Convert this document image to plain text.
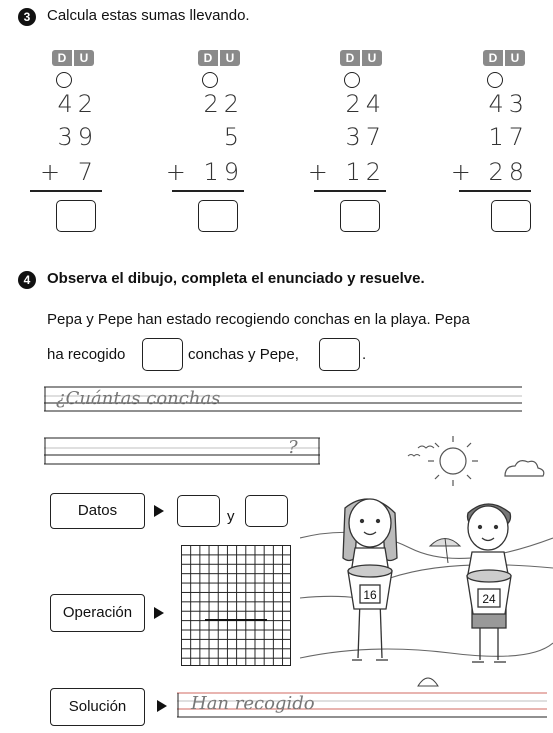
3	Calcula estas sumas llevando.
D	U
42
39
+ 7
D	U
22
5
+ 19
D	U
24
37
+ 12
D	U
43
17
+ 28
4	Observa el dibujo, completa el enunciado y resuelve.
Pepa y Pepe han estado recogiendo conchas en la playa. Pepa
ha recogido	conchas y Pepe,	.
¿Cuántas conchas
?
Datos	y
Operación
Solución	Han recogido
16	24
